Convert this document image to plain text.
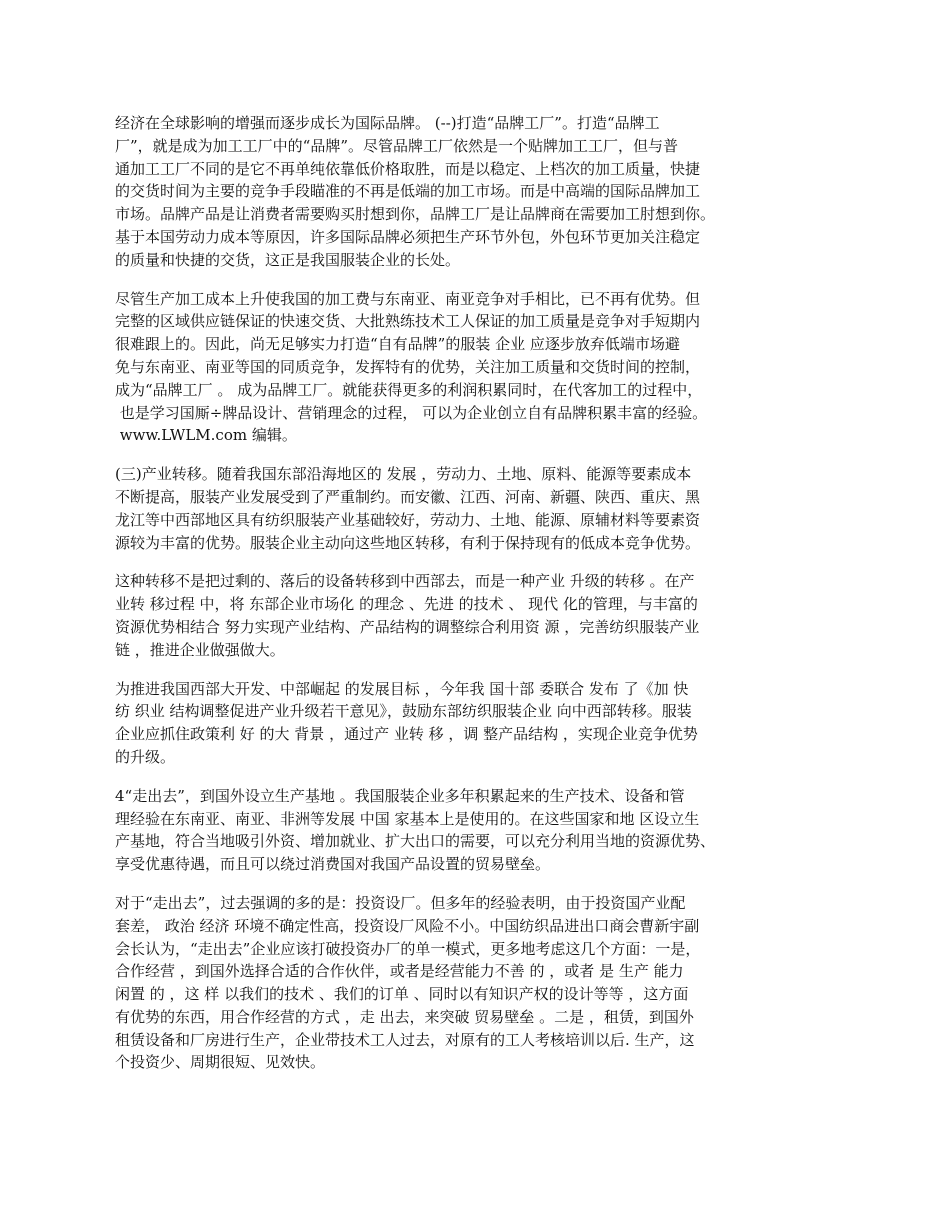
经济在全球影响的增强而逐步成长为国际品牌。 (--)打造“品牌工厂”。打造“品牌工
厂”，就是成为加工工厂中的“品牌”。尽管品牌工厂依然是一个贴牌加工工厂，但与普
通加工工厂不同的是它不再单纯依靠低价格取胜，而是以稳定、上档次的加工质量，快捷
的交货时间为主要的竞争手段瞄准的不再是低端的加工市场。而是中高端的国际品牌加工
市场。品牌产品是让消费者需要购买肘想到你，品牌工厂是让品牌商在需要加工肘想到你。
基于本国劳动力成本等原因，许多国际品牌必须把生产环节外包，外包环节更加关注稳定
的质量和快捷的交货，这正是我国服装企业的长处。
尽管生产加工成本上升使我国的加工费与东南亚、南亚竞争对手相比，已不再有优势。但
完整的区域供应链保证的快速交货、大批熟练技术工人保证的加工质量是竞争对手短期内
很难跟上的。因此，尚无足够实力打造“自有品牌”的服装 企业 应逐步放弃低端市场避
免与东南亚、南亚等国的同质竞争，发挥特有的优势，关注加工质量和交货时间的控制，
成为“品牌工厂 。 成为品牌工厂。就能获得更多的利润积累同时，在代客加工的过程中，
也是学习国厮÷牌品设计、营销理念的过程， 可以为企业创立自有品牌积累丰富的经验。
www.LWLM.com 编辑。
(三)产业转移。随着我国东部沿海地区的 发展 ，劳动力、土地、原料、能源等要素成本
不断提高，服装产业发展受到了严重制约。而安徽、江西、河南、新疆、陕西、重庆、黑
龙江等中西部地区具有纺织服装产业基础较好，劳动力、土地、能源、原辅材料等要素资
源较为丰富的优势。服装企业主动向这些地区转移，有利于保持现有的低成本竞争优势。
这种转移不是把过剩的、落后的设备转移到中西部去，而是一种产业 升级的转移 。在产
业转 移过程 中，将 东部企业市场化 的理念 、先进 的技术 、 现代 化的管理，与丰富的
资源优势相结合 努力实现产业结构、产品结构的调整综合利用资 源 ，完善纺织服装产业
链 ，推进企业做强做大。
为推进我国西部大开发、中部崛起 的发展目标 ，今年我 国十部 委联合 发布 了《加 快
纺 织业 结构调整促进产业升级若干意见》，鼓励东部纺织服装企业 向中西部转移。服装
企业应抓住政策利 好 的大 背景 ，通过产 业转 移 ，调 整产品结构 ，实现企业竞争优势
的升级。
4“走出去”，到国外设立生产基地 。我国服装企业多年积累起来的生产技术、设备和管
理经验在东南亚、南亚、非洲等发展 中国 家基本上是使用的。在这些国家和地 区设立生
产基地，符合当地吸引外资、增加就业、扩大出口的需要，可以充分利用当地的资源优势、
享受优惠待遇，而且可以绕过消费国对我国产品设置的贸易壁垒。
对于“走出去”，过去强调的多的是：投资设厂。但多年的经验表明，由于投资国产业配
套差， 政治 经济 环境不确定性高，投资设厂风险不小。中国纺织品进出口商会曹新宇副
会长认为，“走出去”企业应该打破投资办厂的单一模式，更多地考虑这几个方面：一是，
合作经营 ，到国外选择合适的合作伙伴，或者是经营能力不善 的 ，或者 是 生产 能力
闲置 的 ，这 样 以我们的技术 、我们的订单 、同时以有知识产权的设计等等 ，这方面
有优势的东西，用合作经营的方式 ，走 出去，来突破 贸易壁垒 。二是 ，租赁，到国外
租赁设备和厂房进行生产，企业带技术工人过去，对原有的工人考核培训以后. 生产，这
个投资少、周期很短、见效快。
